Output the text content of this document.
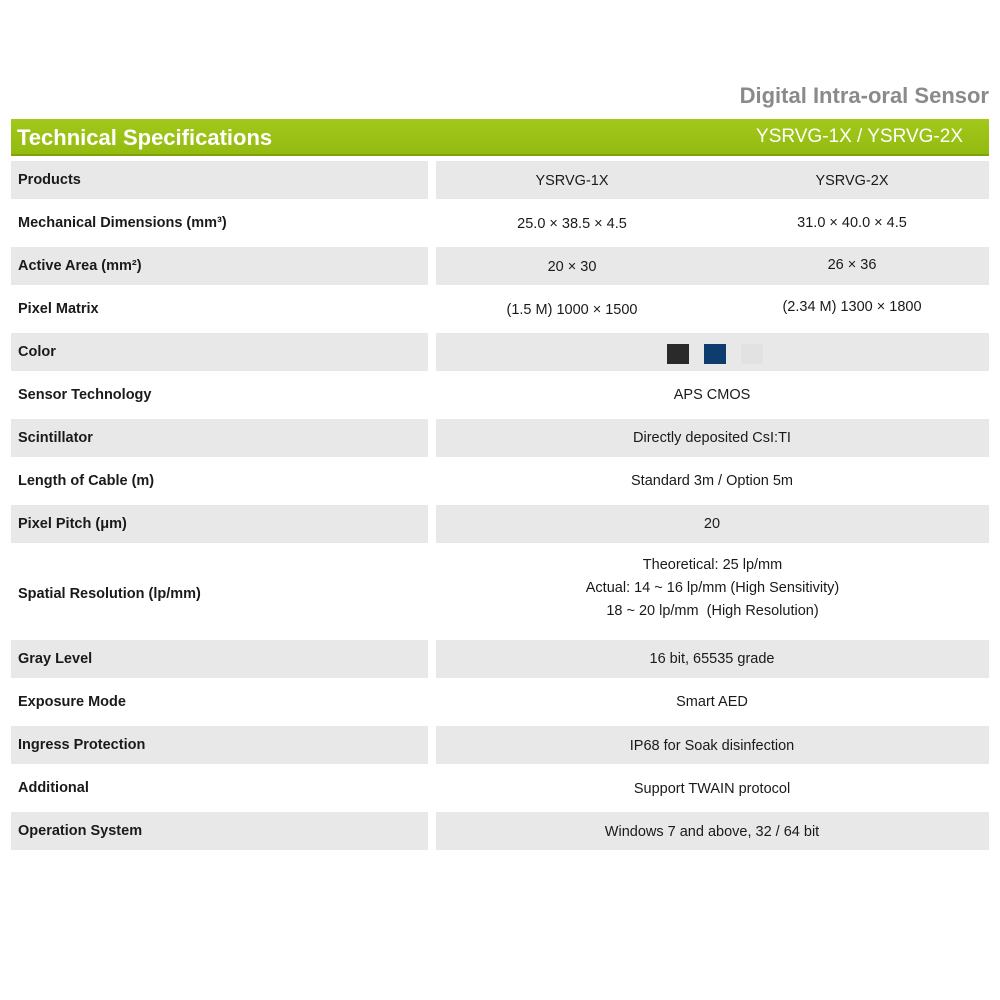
Digital Intra-oral Sensor
Technical Specifications	YSRVG-1X / YSRVG-2X
Products	YSRVG-1X	YSRVG-2X
Mechanical Dimensions (mm³)	25.0 × 38.5 × 4.5	31.0 × 40.0 × 4.5
Active Area (mm²)	20 × 30	26 × 36
Pixel Matrix	(1.5 M) 1000 × 1500	(2.34 M) 1300 × 1800
Color
Sensor Technology	APS CMOS
Scintillator	Directly deposited CsI:TI
Length of Cable (m)	Standard 3m / Option 5m
Pixel Pitch (μm)	20
Spatial Resolution (lp/mm)
Theoretical: 25 lp/mm
Actual: 14 ~ 16 lp/mm (High Sensitivity)
18 ~ 20 lp/mm  (High Resolution)
Gray Level	16 bit, 65535 grade
Exposure Mode	Smart AED
Ingress Protection	IP68 for Soak disinfection
Additional	Support TWAIN protocol
Operation System	Windows 7 and above, 32 / 64 bit
